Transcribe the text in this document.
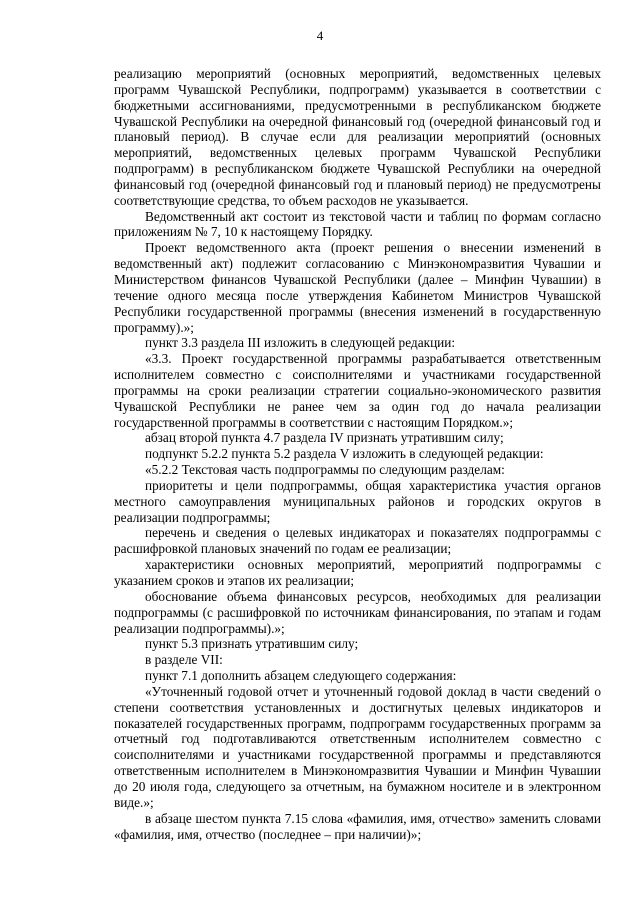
4

реализацию мероприятий (основных мероприятий, ведомственных целевых программ Чувашской Республики, подпрограмм) указывается в соответствии с бюджетными ассигнованиями, предусмотренными в республиканском бюджете Чувашской Республики на очередной финансовый год (очередной финансовый год и плановый период). В случае если для реализации мероприятий (основных мероприятий, ведомственных целевых программ Чувашской Республики подпрограмм) в республиканском бюджете Чувашской Республики на очередной финансовый год (очередной финансовый год и плановый период) не предусмотрены соответствующие средства, то объем расходов не указывается.

Ведомственный акт состоит из текстовой части и таблиц по формам согласно приложениям № 7, 10 к настоящему Порядку.

Проект ведомственного акта (проект решения о внесении изменений в ведомственный акт) подлежит согласованию с Минэкономразвития Чувашии и Министерством финансов Чувашской Республики (далее – Минфин Чувашии) в течение одного месяца после утверждения Кабинетом Министров Чувашской Республики государственной программы (внесения изменений в государственную программу).»;

пункт 3.3 раздела III изложить в следующей редакции:

«3.3. Проект государственной программы разрабатывается ответственным исполнителем совместно с соисполнителями и участниками государственной программы на сроки реализации стратегии социально-экономического развития Чувашской Республики не ранее чем за один год до начала реализации государственной программы в соответствии с настоящим Порядком.»;

абзац второй пункта 4.7 раздела IV признать утратившим силу;

подпункт 5.2.2 пункта 5.2 раздела V изложить в следующей редакции:

«5.2.2 Текстовая часть подпрограммы по следующим разделам:

приоритеты и цели подпрограммы, общая характеристика участия органов местного самоуправления муниципальных районов и городских округов в реализации подпрограммы;

перечень и сведения о целевых индикаторах и показателях подпрограммы с расшифровкой плановых значений по годам ее реализации;

характеристики основных мероприятий, мероприятий подпрограммы с указанием сроков и этапов их реализации;

обоснование объема финансовых ресурсов, необходимых для реализации подпрограммы (с расшифровкой по источникам финансирования, по этапам и годам реализации подпрограммы).»;

пункт 5.3 признать утратившим силу;

в разделе VII:

пункт 7.1 дополнить абзацем следующего содержания:

«Уточненный годовой отчет и уточненный годовой доклад в части сведений о степени соответствия установленных и достигнутых целевых индикаторов и показателей государственных программ, подпрограмм государственных программ за отчетный год подготавливаются ответственным исполнителем совместно с соисполнителями и участниками государственной программы и представляются ответственным исполнителем в Минэкономразвития Чувашии и Минфин Чувашии до 20 июля года, следующего за отчетным, на бумажном носителе и в электронном виде.»;

в абзаце шестом пункта 7.15 слова «фамилия, имя, отчество» заменить словами «фамилия, имя, отчество (последнее – при наличии)»;
